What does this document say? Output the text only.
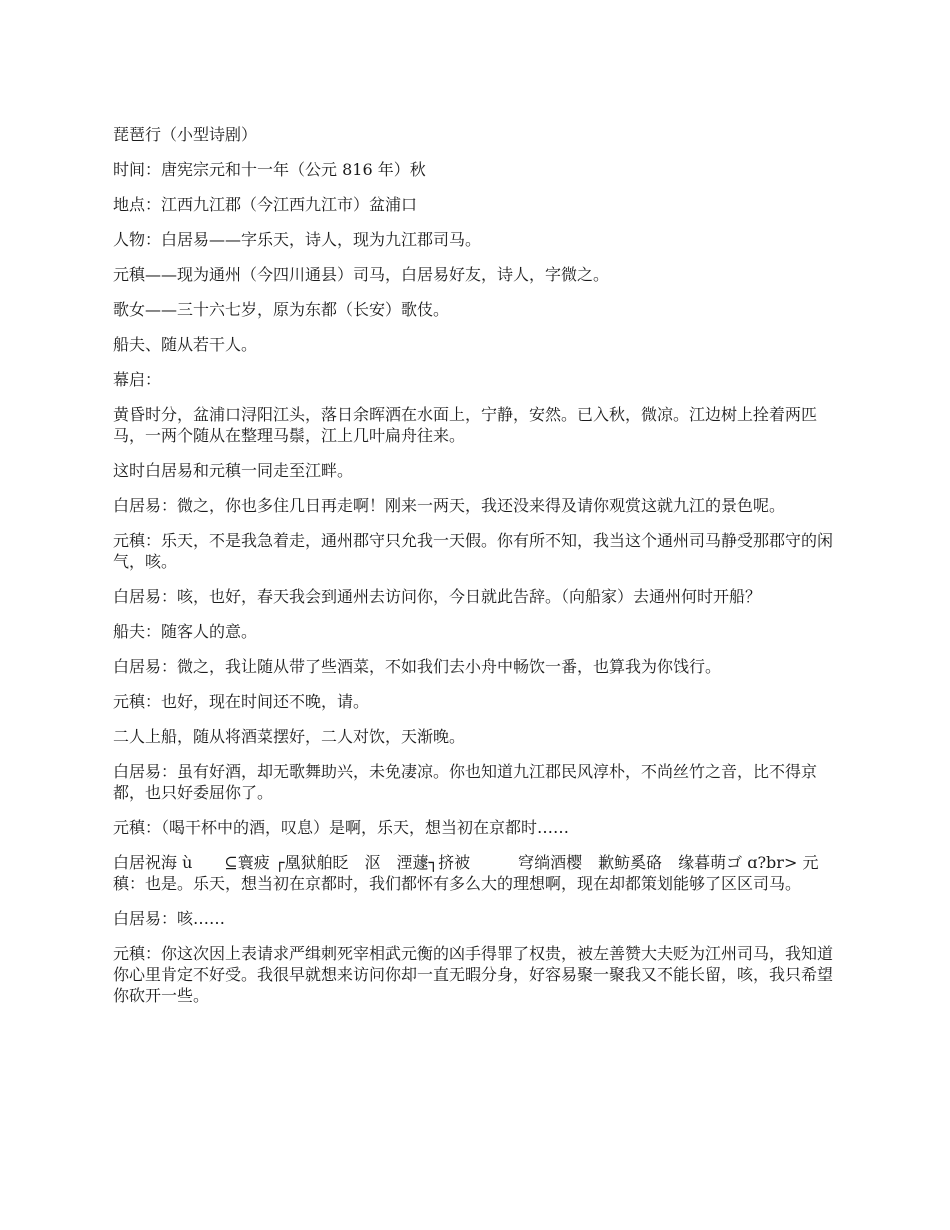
琵琶行（小型诗剧）

时间：唐宪宗元和十一年（公元 816 年）秋

地点：江西九江郡（今江西九江市）盆浦口

人物：白居易——字乐天，诗人，现为九江郡司马。

元稹——现为通州（今四川通县）司马，白居易好友，诗人，字微之。

歌女——三十六七岁，原为东都（长安）歌伎。

船夫、随从若干人。

幕启：

黄昏时分，盆浦口浔阳江头，落日余晖洒在水面上，宁静，安然。已入秋，微凉。江边树上拴着两匹马，一两个随从在整理马鬃，江上几叶扁舟往来。

这时白居易和元稹一同走至江畔。

白居易：微之，你也多住几日再走啊！刚来一两天，我还没来得及请你观赏这就九江的景色呢。

元稹：乐天，不是我急着走，通州郡守只允我一天假。你有所不知，我当这个通州司马静受那郡守的闲气，咳。

白居易：咳，也好，春天我会到通州去访问你，今日就此告辞。（向船家）去通州何时开船？

船夫：随客人的意。

白居易：微之，我让随从带了些酒菜，不如我们去小舟中畅饮一番，也算我为你饯行。

元稹：也好，现在时间还不晚，请。

二人上船，随从将酒菜摆好，二人对饮，天渐晚。

白居易：虽有好酒，却无歌舞助兴，未免凄凉。你也知道九江郡民风淳朴，不尚丝竹之音，比不得京都，也只好委屈你了。

元稹：（喝干杯中的酒，叹息）是啊，乐天，想当初在京都时……

白居祝海 ù　　⊆寰疲 ┌凰狱舶眨　沤　湮蘧┐挤被　　　穹绱酒樱　歉鲂奚硌　缘暮萌ゴ ɑ?br> 元稹：也是。乐天，想当初在京都时，我们都怀有多么大的理想啊，现在却都策划能够了区区司马。

白居易：咳……

元稹：你这次因上表请求严缉刺死宰相武元衡的凶手得罪了权贵，被左善赞大夫贬为江州司马，我知道你心里肯定不好受。我很早就想来访问你却一直无暇分身，好容易聚一聚我又不能长留，咳，我只希望你砍开一些。
